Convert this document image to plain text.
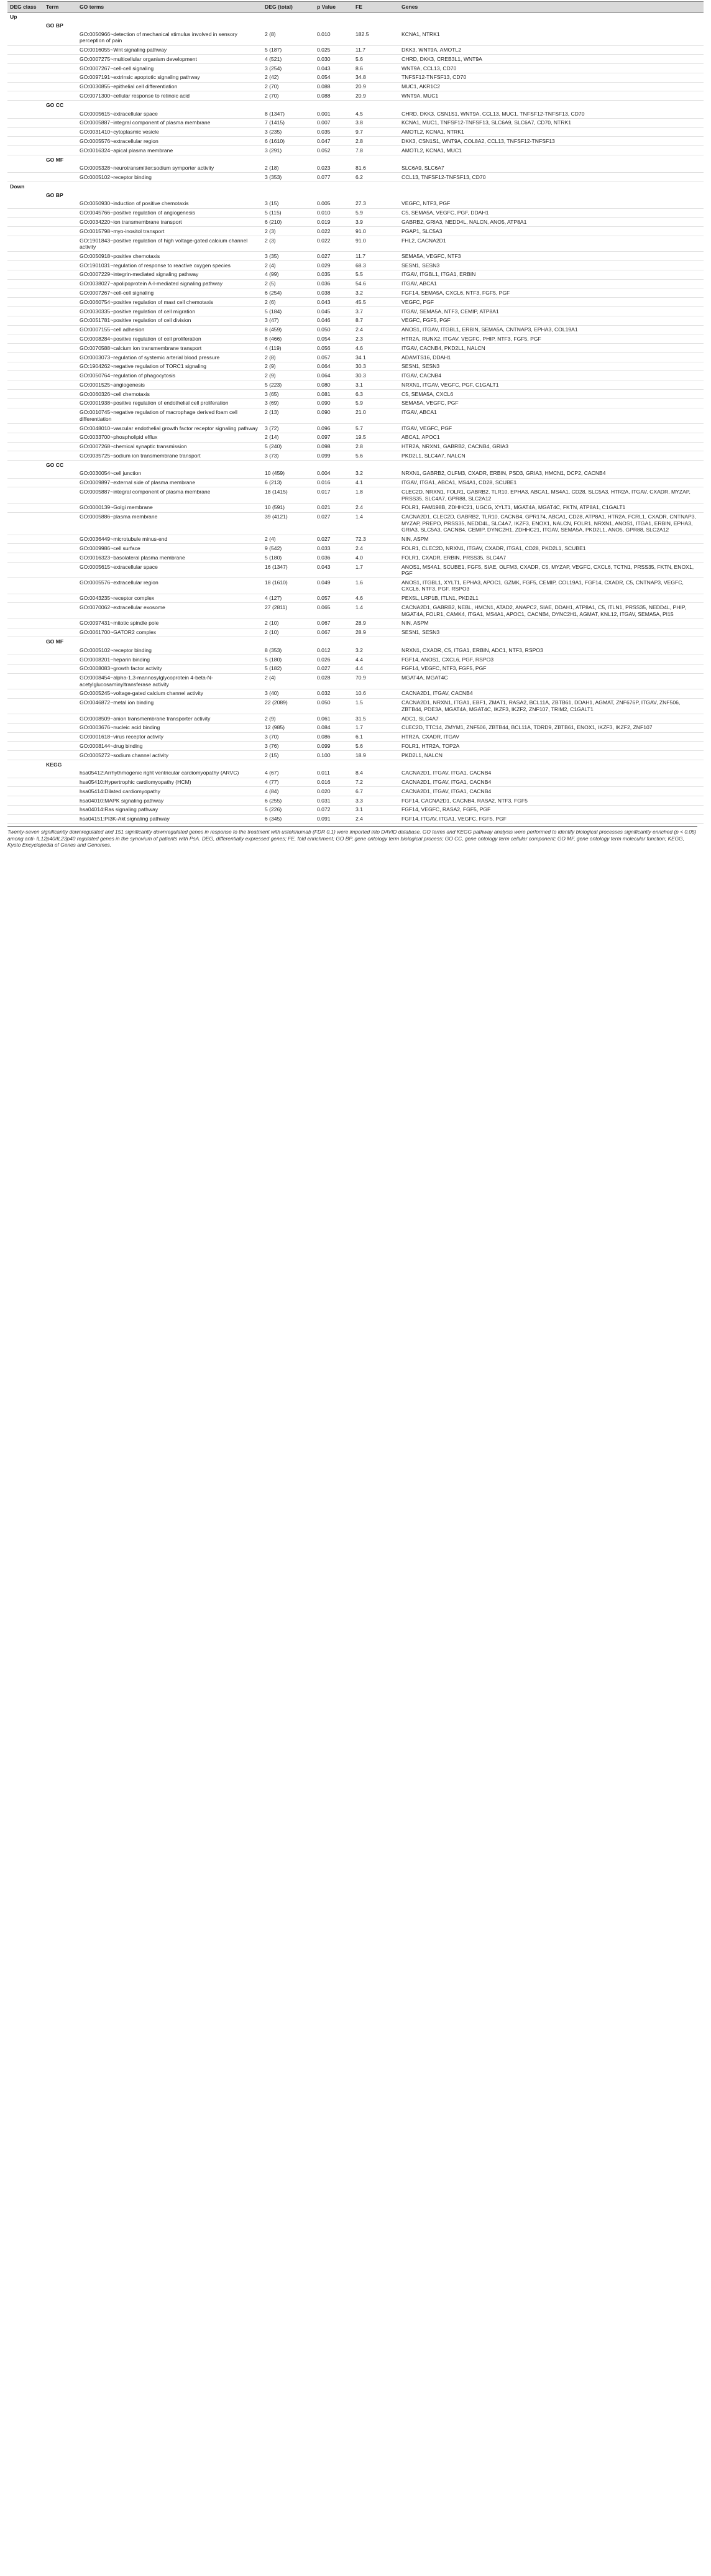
DEG class	Term	GO terms	DEG (total)	p Value	FE	Genes
Up						
	GO BP					
		GO:0050966~detection of mechanical stimulus involved in sensory perception of pain	2 (8)	0.010	182.5	KCNA1, NTRK1
		GO:0016055~Wnt signaling pathway	5 (187)	0.025	11.7	DKK3, WNT9A, AMOTL2
		GO:0007275~multicellular organism development	4 (521)	0.030	5.6	CHRD, DKK3, CREB3L1, WNT9A
		GO:0007267~cell-cell signaling	3 (254)	0.043	8.6	WNT9A, CCL13, CD70
		GO:0097191~extrinsic apoptotic signaling pathway	2 (42)	0.054	34.8	TNFSF12-TNFSF13, CD70
		GO:0030855~epithelial cell differentiation	2 (70)	0.088	20.9	MUC1, AKR1C2
		GO:0071300~cellular response to retinoic acid	2 (70)	0.088	20.9	WNT9A, MUC1
	GO CC					
		GO:0005615~extracellular space	8 (1347)	0.001	4.5	CHRD, DKK3, CSN1S1, WNT9A, CCL13, MUC1, TNFSF12-TNFSF13, CD70
		GO:0005887~integral component of plasma membrane	7 (1415)	0.007	3.8	KCNA1, MUC1, TNFSF12-TNFSF13, SLC6A9, SLC6A7, CD70, NTRK1
		GO:0031410~cytoplasmic vesicle	3 (235)	0.035	9.7	AMOTL2, KCNA1, NTRK1
		GO:0005576~extracellular region	6 (1610)	0.047	2.8	DKK3, CSN1S1, WNT9A, COL8A2, CCL13, TNFSF12-TNFSF13
		GO:0016324~apical plasma membrane	3 (291)	0.052	7.8	AMOTL2, KCNA1, MUC1
	GO MF					
		GO:0005328~neurotransmitter:sodium symporter activity	2 (18)	0.023	81.6	SLC6A9, SLC6A7
		GO:0005102~receptor binding	3 (353)	0.077	6.2	CCL13, TNFSF12-TNFSF13, CD70
Down						
	GO BP					
		GO:0050930~induction of positive chemotaxis	3 (15)	0.005	27.3	VEGFC, NTF3, PGF
		GO:0045766~positive regulation of angiogenesis	5 (115)	0.010	5.9	C5, SEMA5A, VEGFC, PGF, DDAH1
		GO:0034220~ion transmembrane transport	6 (210)	0.019	3.9	GABRB2, GRIA3, NEDD4L, NALCN, ANO5, ATP8A1
		GO:0015798~myo-inositol transport	2 (3)	0.022	91.0	PGAP1, SLC5A3
		GO:1901843~positive regulation of high voltage-gated calcium channel activity	2 (3)	0.022	91.0	FHL2, CACNA2D1
		GO:0050918~positive chemotaxis	3 (35)	0.027	11.7	SEMA5A, VEGFC, NTF3
		GO:1901031~regulation of response to reactive oxygen species	2 (4)	0.029	68.3	SESN1, SESN3
		GO:0007229~integrin-mediated signaling pathway	4 (99)	0.035	5.5	ITGAV, ITGBL1, ITGA1, ERBIN
		GO:0038027~apolipoprotein A-I-mediated signaling pathway	2 (5)	0.036	54.6	ITGAV, ABCA1
		GO:0007267~cell-cell signaling	6 (254)	0.038	3.2	FGF14, SEMA5A, CXCL6, NTF3, FGF5, PGF
		GO:0060754~positive regulation of mast cell chemotaxis	2 (6)	0.043	45.5	VEGFC, PGF
		GO:0030335~positive regulation of cell migration	5 (184)	0.045	3.7	ITGAV, SEMA5A, NTF3, CEMIP, ATP8A1
		GO:0051781~positive regulation of cell division	3 (47)	0.046	8.7	VEGFC, FGF5, PGF
		GO:0007155~cell adhesion	8 (459)	0.050	2.4	ANOS1, ITGAV, ITGBL1, ERBIN, SEMA5A, CNTNAP3, EPHA3, COL19A1
		GO:0008284~positive regulation of cell proliferation	8 (466)	0.054	2.3	HTR2A, RUNX2, ITGAV, VEGFC, PHIP, NTF3, FGF5, PGF
		GO:0070588~calcium ion transmembrane transport	4 (119)	0.056	4.6	ITGAV, CACNB4, PKD2L1, NALCN
		GO:0003073~regulation of systemic arterial blood pressure	2 (8)	0.057	34.1	ADAMTS16, DDAH1
		GO:1904262~negative regulation of TORC1 signaling	2 (9)	0.064	30.3	SESN1, SESN3
		GO:0050764~regulation of phagocytosis	2 (9)	0.064	30.3	ITGAV, CACNB4
		GO:0001525~angiogenesis	5 (223)	0.080	3.1	NRXN1, ITGAV, VEGFC, PGF, C1GALT1
		GO:0060326~cell chemotaxis	3 (65)	0.081	6.3	C5, SEMA5A, CXCL6
		GO:0001938~positive regulation of endothelial cell proliferation	3 (69)	0.090	5.9	SEMA5A, VEGFC, PGF
		GO:0010745~negative regulation of macrophage derived foam cell differentiation	2 (13)	0.090	21.0	ITGAV, ABCA1
		GO:0048010~vascular endothelial growth factor receptor signaling pathway	3 (72)	0.096	5.7	ITGAV, VEGFC, PGF
		GO:0033700~phospholipid efflux	2 (14)	0.097	19.5	ABCA1, APOC1
		GO:0007268~chemical synaptic transmission	5 (240)	0.098	2.8	HTR2A, NRXN1, GABRB2, CACNB4, GRIA3
		GO:0035725~sodium ion transmembrane transport	3 (73)	0.099	5.6	PKD2L1, SLC4A7, NALCN
	GO CC					
		GO:0030054~cell junction	10 (459)	0.004	3.2	NRXN1, GABRB2, OLFM3, CXADR, ERBIN, PSD3, GRIA3, HMCN1, DCP2, CACNB4
		GO:0009897~external side of plasma membrane	6 (213)	0.016	4.1	ITGAV, ITGA1, ABCA1, MS4A1, CD28, SCUBE1
		GO:0005887~integral component of plasma membrane	18 (1415)	0.017	1.8	CLEC2D, NRXN1, FOLR1, GABRB2, TLR10, EPHA3, ABCA1, MS4A1, CD28, SLC5A3, HTR2A, ITGAV, CXADR, MYZAP, PRSS35, SLC4A7, GPR88, SLC2A12
		GO:0000139~Golgi membrane	10 (591)	0.021	2.4	FOLR1, FAM198B, ZDHHC21, UGCG, XYLT1, MGAT4A, MGAT4C, FKTN, ATP8A1, C1GALT1
		GO:0005886~plasma membrane	39 (4121)	0.027	1.4	CACNA2D1, CLEC2D, GABRB2, TLR10, CACNB4, GPR174, ABCA1, CD28, ATP8A1, HTR2A, FCRL1, CXADR, CNTNAP3, MYZAP, PREPO, PRSS35, NEDD4L, SLC4A7, IKZF3, ENOX1, NALCN, FOLR1, NRXN1, ANOS1, ITGA1, ERBIN, EPHA3, GRIA3, SLC5A3, CACNB4, CEMIP, DYNC2H1, ZDHHC21, ITGAV, SEMA5A, PKD2L1, ANO5, GPR88, SLC2A12
		GO:0036449~microtubule minus-end	2 (4)	0.027	72.3	NIN, ASPM
		GO:0009986~cell surface	9 (542)	0.033	2.4	FOLR1, CLEC2D, NRXN1, ITGAV, CXADR, ITGA1, CD28, PKD2L1, SCUBE1
		GO:0016323~basolateral plasma membrane	5 (180)	0.036	4.0	FOLR1, CXADR, ERBIN, PRSS35, SLC4A7
		GO:0005615~extracellular space	16 (1347)	0.043	1.7	ANOS1, MS4A1, SCUBE1, FGF5, SIAE, OLFM3, CXADR, C5, MYZAP, VEGFC, CXCL6, TCTN1, PRSS35, FKTN, ENOX1, PGF
		GO:0005576~extracellular region	18 (1610)	0.049	1.6	ANOS1, ITGBL1, XYLT1, EPHA3, APOC1, GZMK, FGF5, CEMIP, COL19A1, FGF14, CXADR, C5, CNTNAP3, VEGFC, CXCL6, NTF3, PGF, RSPO3
		GO:0043235~receptor complex	4 (127)	0.057	4.6	PEX5L, LRP1B, ITLN1, PKD2L1
		GO:0070062~extracellular exosome	27 (2811)	0.065	1.4	CACNA2D1, GABRB2, NEBL, HMCN1, ATAD2, ANAPC2, SIAE, DDAH1, ATP8A1, C5, ITLN1, PRSS35, NEDD4L, PHIP, MGAT4A, FOLR1, CAMK4, ITGA1, MS4A1, APOC1, CACNB4, DYNC2H1, AGMAT, KNL12, ITGAV, SEMA5A, PI15
		GO:0097431~mitotic spindle pole	2 (10)	0.067	28.9	NIN, ASPM
		GO:0061700~GATOR2 complex	2 (10)	0.067	28.9	SESN1, SESN3
	GO MF					
		GO:0005102~receptor binding	8 (353)	0.012	3.2	NRXN1, CXADR, C5, ITGA1, ERBIN, ADC1, NTF3, RSPO3
		GO:0008201~heparin binding	5 (180)	0.026	4.4	FGF14, ANOS1, CXCL6, PGF, RSPO3
		GO:0008083~growth factor activity	5 (182)	0.027	4.4	FGF14, VEGFC, NTF3, FGF5, PGF
		GO:0008454~alpha-1,3-mannosylglycoprotein 4-beta-N-acetylglucosaminyltransferase activity	2 (4)	0.028	70.9	MGAT4A, MGAT4C
		GO:0005245~voltage-gated calcium channel activity	3 (40)	0.032	10.6	CACNA2D1, ITGAV, CACNB4
		GO:0046872~metal ion binding	22 (2089)	0.050	1.5	CACNA2D1, NRXN1, ITGA1, EBF1, ZMAT1, RASA2, BCL11A, ZBTB61, DDAH1, AGMAT, ZNF676P, ITGAV, ZNF506, ZBTB44, PDE3A, MGAT4A, MGAT4C, IKZF3, IKZF2, ZNF107, TRIM2, C1GALT1
		GO:0008509~anion transmembrane transporter activity	2 (9)	0.061	31.5	ADC1, SLC4A7
		GO:0003676~nucleic acid binding	12 (985)	0.084	1.7	CLEC2D, TTC14, ZMYM1, ZNF506, ZBTB44, BCL11A, TDRD9, ZBTB61, ENOX1, IKZF3, IKZF2, ZNF107
		GO:0001618~virus receptor activity	3 (70)	0.086	6.1	HTR2A, CXADR, ITGAV
		GO:0008144~drug binding	3 (76)	0.099	5.6	FOLR1, HTR2A, TOP2A
		GO:0005272~sodium channel activity	2 (15)	0.100	18.9	PKD2L1, NALCN
	KEGG					
		hsa05412:Arrhythmogenic right ventricular cardiomyopathy (ARVC)	4 (67)	0.011	8.4	CACNA2D1, ITGAV, ITGA1, CACNB4
		hsa05410:Hypertrophic cardiomyopathy (HCM)	4 (77)	0.016	7.2	CACNA2D1, ITGAV, ITGA1, CACNB4
		hsa05414:Dilated cardiomyopathy	4 (84)	0.020	6.7	CACNA2D1, ITGAV, ITGA1, CACNB4
		hsa04010:MAPK signaling pathway	6 (255)	0.031	3.3	FGF14, CACNA2D1, CACNB4, RASA2, NTF3, FGF5
		hsa04014:Ras signaling pathway	5 (226)	0.072	3.1	FGF14, VEGFC, RASA2, FGF5, PGF
		hsa04151:PI3K-Akt signaling pathway	6 (345)	0.091	2.4	FGF14, ITGAV, ITGA1, VEGFC, FGF5, PGF
Twenty-seven significantly downregulated and 151 significantly downregulated genes in response to the treatment with ustekinumab (FDR 0.1) were imported into DAVID database. GO terms and KEGG pathway analysis were performed to identify biological processes significantly enriched (p < 0.05) among anti- IL12p40/IL23p40 regulated genes in the synovium of patients with PsA. DEG, differentially expressed genes; FE, fold enrichment; GO BP, gene ontology term biological process; GO CC, gene ontology term cellular component; GO MF, gene ontology term molecular function; KEGG, Kyoto Encyclopedia of Genes and Genomes.
